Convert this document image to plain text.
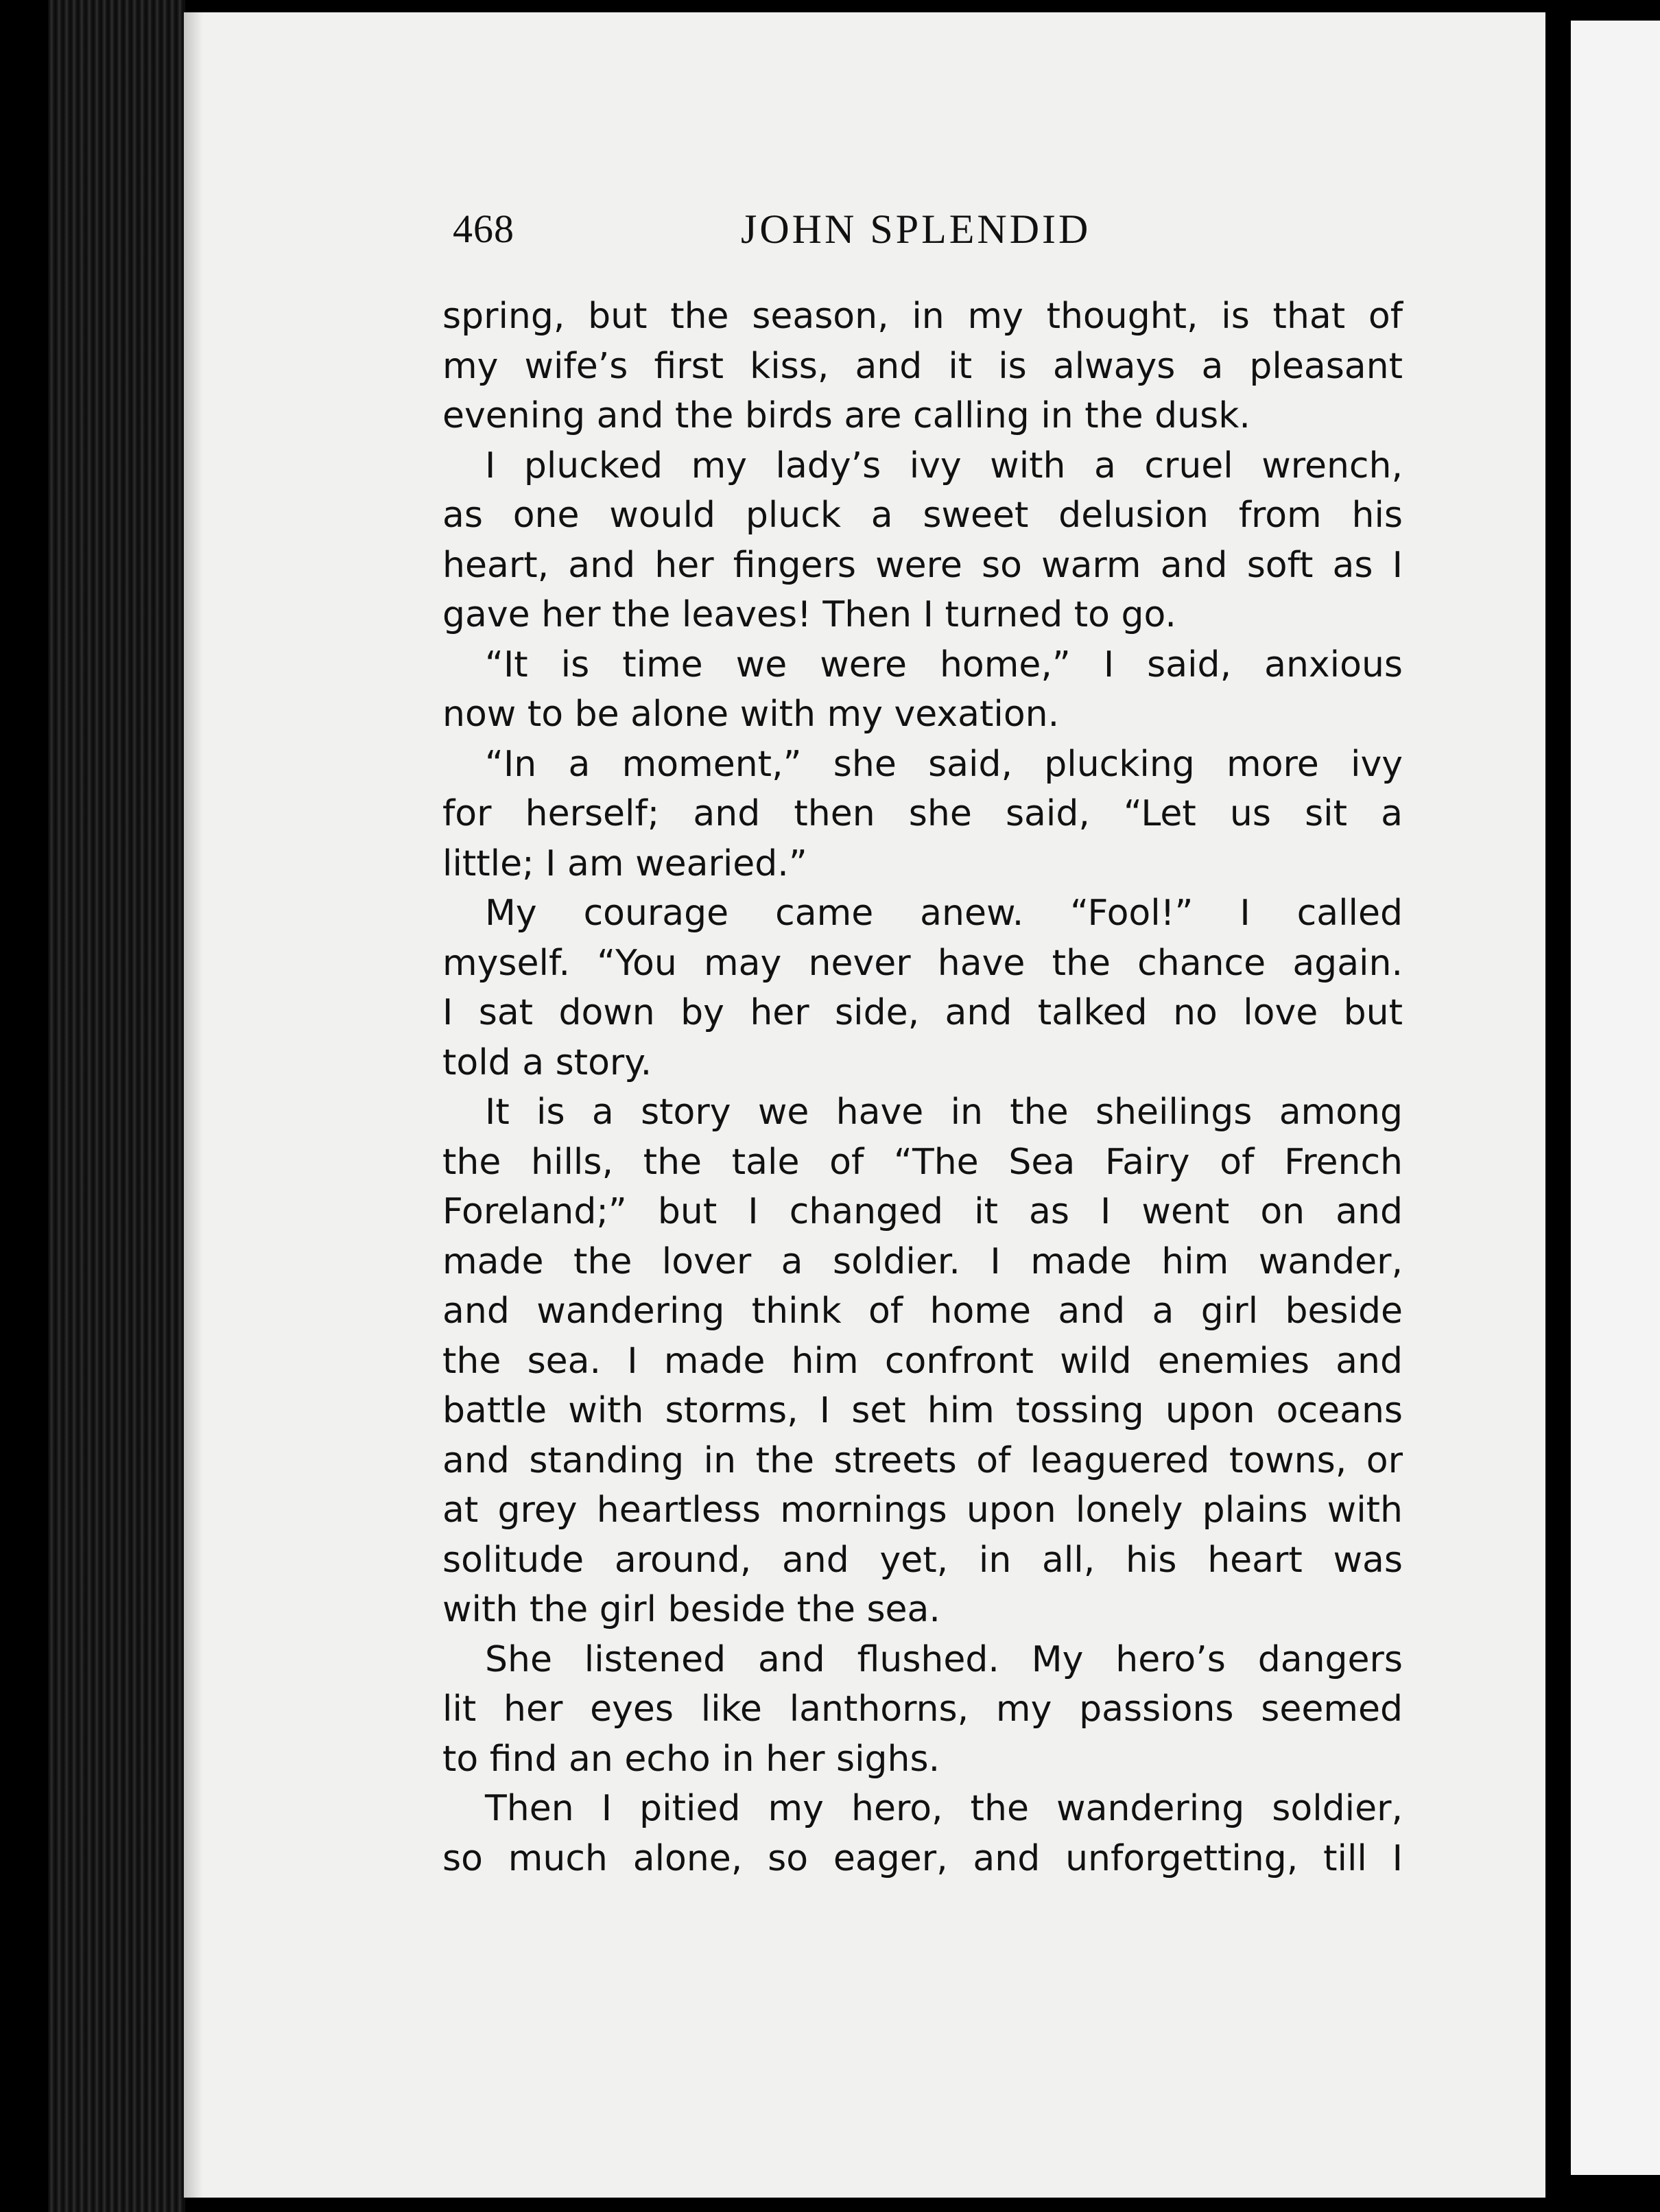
468	JOHN SPLENDID
spring, but the season, in my thought, is that of
my wife’s first kiss, and it is always a pleasant
evening and the birds are calling in the dusk.
I plucked my lady’s ivy with a cruel wrench,
as one would pluck a sweet delusion from his
heart, and her fingers were so warm and soft as I
gave her the leaves! Then I turned to go.
“It is time we were home,” I said, anxious
now to be alone with my vexation.
“In a moment,” she said, plucking more ivy
for herself; and then she said, “Let us sit a
little; I am wearied.”
My courage came anew. “Fool!” I called
myself. “You may never have the chance again.
I sat down by her side, and talked no love but
told a story.
It is a story we have in the sheilings among
the hills, the tale of “The Sea Fairy of French
Foreland;” but I changed it as I went on and
made the lover a soldier. I made him wander,
and wandering think of home and a girl beside
the sea. I made him confront wild enemies and
battle with storms, I set him tossing upon oceans
and standing in the streets of leaguered towns, or
at grey heartless mornings upon lonely plains with
solitude around, and yet, in all, his heart was
with the girl beside the sea.
She listened and flushed. My hero’s dangers
lit her eyes like lanthorns, my passions seemed
to find an echo in her sighs.
Then I pitied my hero, the wandering soldier,
so much alone, so eager, and unforgetting, till I
